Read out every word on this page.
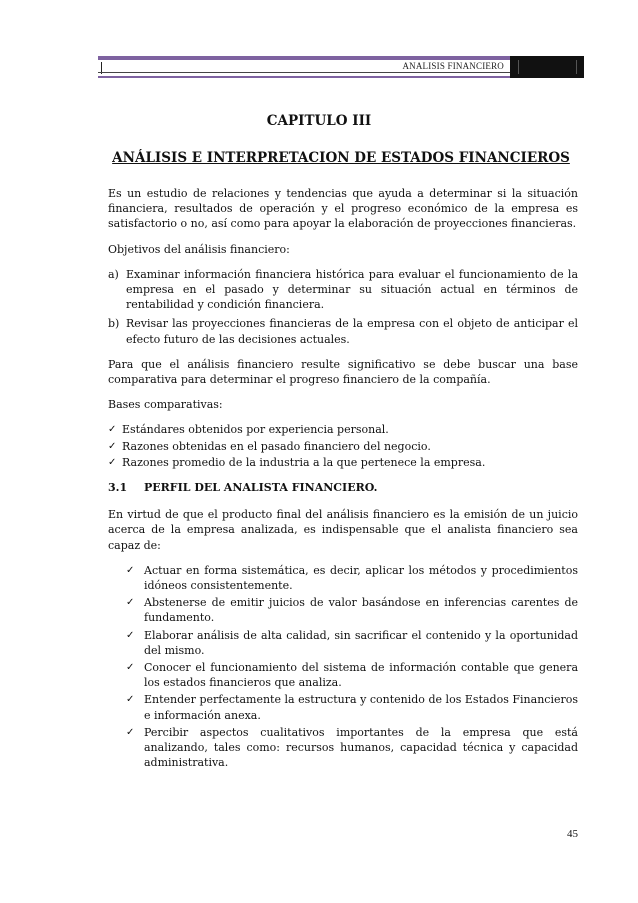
ANALISIS FINANCIERO
CAPITULO III
ANÁLISIS E INTERPRETACION DE ESTADOS FINANCIEROS

Es un estudio de relaciones y tendencias que ayuda a determinar si la situación financiera, resultados de operación y el progreso económico de la empresa es satisfactorio o no, así como para apoyar la elaboración de proyecciones financieras.

Objetivos del análisis financiero:

a) Examinar información financiera histórica para evaluar el funcionamiento de la empresa en el pasado y determinar su situación actual en términos de rentabilidad y condición financiera.
b) Revisar las proyecciones financieras de la empresa con el objeto de anticipar el efecto futuro de las decisiones actuales.

Para que el análisis financiero resulte significativo se debe buscar una base comparativa para determinar el progreso financiero de la compañía.

Bases comparativas:

✓ Estándares obtenidos por experiencia personal.
✓ Razones obtenidas en el pasado financiero del negocio.
✓ Razones promedio de la industria a la que pertenece la empresa.
3.1 PERFIL DEL ANALISTA FINANCIERO.

En virtud de que el producto final del análisis financiero es la emisión de un juicio acerca de la empresa analizada, es indispensable que el analista financiero sea capaz de:

✓ Actuar en forma sistemática, es decir, aplicar los métodos y procedimientos idóneos consistentemente.
✓ Abstenerse de emitir juicios de valor basándose en inferencias carentes de fundamento.
✓ Elaborar análisis de alta calidad, sin sacrificar el contenido y la oportunidad del mismo.
✓ Conocer el funcionamiento del sistema de información contable que genera los estados financieros que analiza.
✓ Entender perfectamente la estructura y contenido de los Estados Financieros e información anexa.
✓ Percibir aspectos cualitativos importantes de la empresa que está analizando, tales como: recursos humanos, capacidad técnica y capacidad administrativa.
45
